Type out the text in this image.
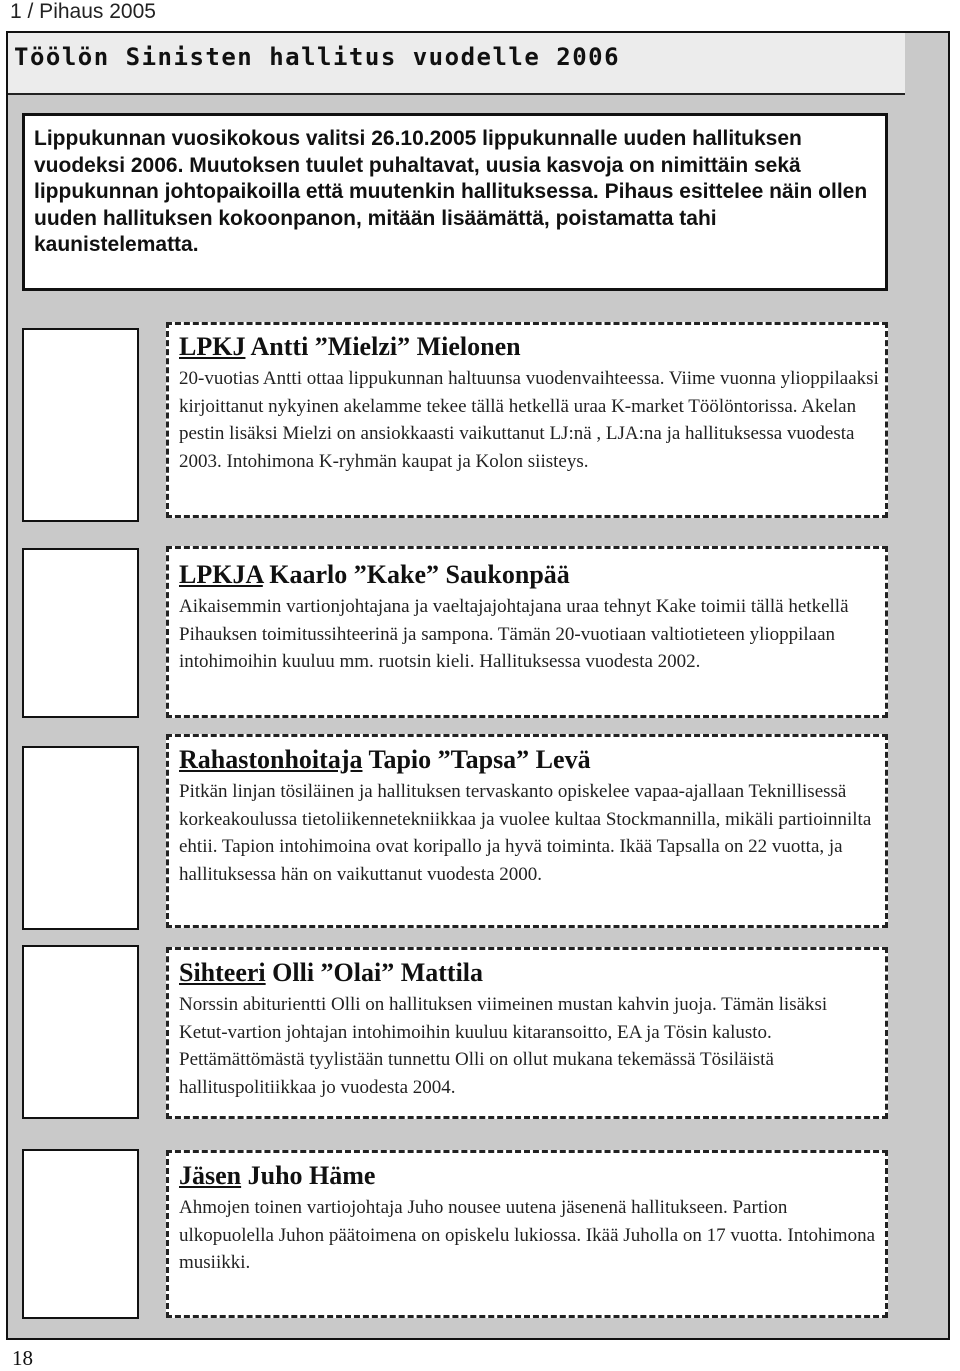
1 / Pihaus 2005
Töölön Sinisten hallitus vuodelle 2006

Lippukunnan vuosikokous valitsi 26.10.2005 lippukunnalle uuden hallituksen vuodeksi 2006. Muutoksen tuulet puhaltavat, uusia kasvoja on nimittäin sekä lippukunnan johtopaikoilla että muutenkin hallituksessa. Pihaus esittelee näin ollen uuden hallituksen kokoonpanon, mitään lisäämättä, poistamatta tahi kaunistelematta.

LPKJ Antti ”Mielzi” Mielonen

20-vuotias Antti ottaa lippukunnan haltuunsa vuodenvaihteessa. Viime vuonna ylioppilaaksi kirjoittanut nykyinen akelamme tekee tällä hetkellä uraa K-market Töölöntorissa. Akelan pestin lisäksi Mielzi on ansiokkaasti vaikuttanut LJ:nä , LJA:na ja hallituksessa vuodesta 2003. Intohimona K-ryhmän kaupat ja Kolon siisteys.

LPKJA Kaarlo ”Kake” Saukonpää

Aikaisemmin vartionjohtajana ja vaeltajajohtajana uraa tehnyt Kake toimii tällä hetkellä Pihauksen toimitussihteerinä ja sampona. Tämän 20-vuotiaan valtiotieteen ylioppilaan intohimoihin kuuluu mm. ruotsin kieli. Hallituksessa vuodesta 2002.

Rahastonhoitaja Tapio ”Tapsa” Levä

Pitkän linjan tösiläinen ja hallituksen tervaskanto opiskelee vapaa-ajallaan Teknillisessä korkeakoulussa tietoliikennetekniikkaa ja vuolee kultaa Stockmannilla, mikäli partioinnilta ehtii. Tapion intohimoina ovat koripallo ja hyvä toiminta. Ikää Tapsalla on 22 vuotta, ja hallituksessa hän on vaikuttanut vuodesta 2000.

Sihteeri Olli ”Olai” Mattila

Norssin abiturientti Olli on hallituksen viimeinen mustan kahvin juoja. Tämän lisäksi Ketut-vartion johtajan intohimoihin kuuluu kitaransoitto, EA ja Tösin kalusto. Pettämättömästä tyylistään tunnettu Olli on ollut mukana tekemässä Tösiläistä hallituspolitiikkaa jo vuodesta 2004.

Jäsen Juho Häme

Ahmojen toinen vartiojohtaja Juho nousee uutena jäsenenä hallitukseen. Partion ulkopuolella Juhon päätoimena on opiskelu lukiossa. Ikää Juholla on 17 vuotta. Intohimona musiikki.

18
